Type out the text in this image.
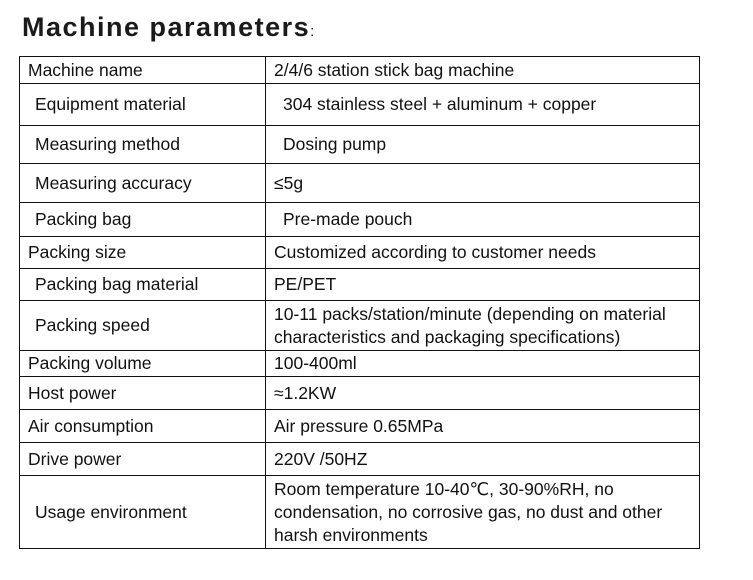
Machine parameters:
Machine name	2/4/6 station stick bag machine
Equipment material	304 stainless steel + aluminum + copper
Measuring method	Dosing pump
Measuring accuracy	≤5g
Packing bag	Pre-made pouch
Packing size	Customized according to customer needs
Packing bag material	PE/PET
Packing speed	10-11 packs/station/minute (depending on material characteristics and packaging specifications)
Packing volume	100-400ml
Host power	≈1.2KW
Air consumption	Air pressure 0.65MPa
Drive power	220V /50HZ
Usage environment	Room temperature 10-40℃, 30-90%RH, no condensation, no corrosive gas, no dust and other harsh environments
